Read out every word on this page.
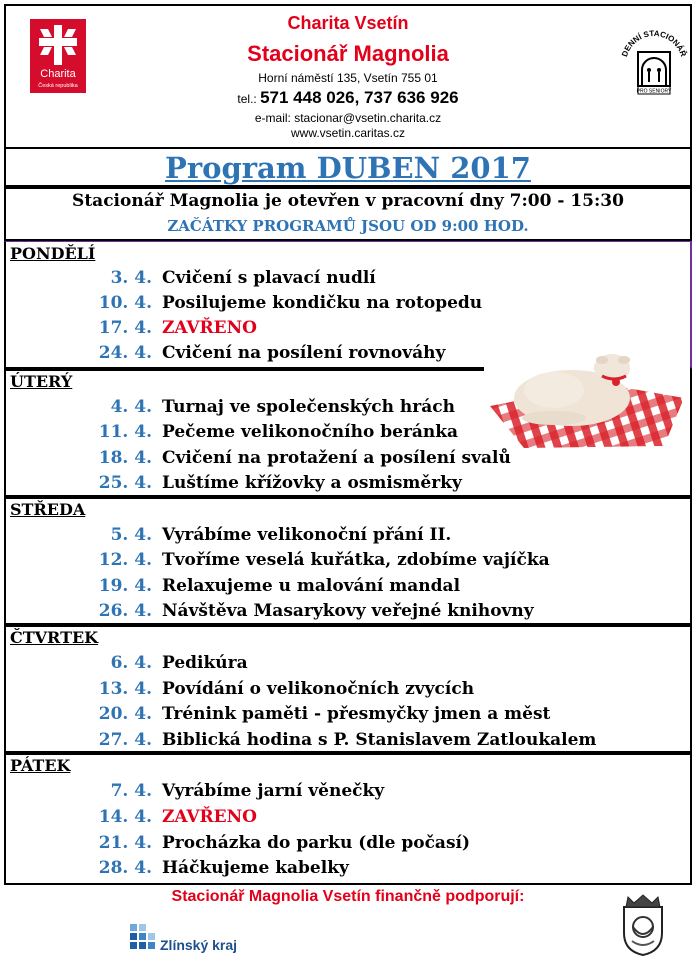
Charita
Česká republika
Charita Vsetín
Stacionář Magnolia
Horní náměstí 135, Vsetín 755 01
tel.: 571 448 026, 737 636 926
e-mail: stacionar@vsetin.charita.cz
www.vsetin.caritas.cz
DENNÍ STACIONÁŘ
PRO SENIORY
Program DUBEN 2017
Stacionář Magnolia je otevřen v pracovní dny 7:00 - 15:30
ZAČÁTKY PROGRAMŮ JSOU OD 9:00 HOD.
PONDĚLÍ
ÚTERÝ
STŘEDA
ČTVRTEK
PÁTEK
3. 4. Cvičení s plavací nudlí
10. 4. Posilujeme kondičku na rotopedu
17. 4. ZAVŘENO
24. 4. Cvičení na posílení rovnováhy
4. 4. Turnaj ve společenských hrách
11. 4. Pečeme velikonočního beránka
18. 4. Cvičení na protažení a posílení svalů
25. 4. Luštíme křížovky a osmisměrky
5. 4. Vyrábíme velikonoční přání II.
12. 4. Tvoříme veselá kuřátka, zdobíme vajíčka
19. 4. Relaxujeme u malování mandal
26. 4. Návštěva Masarykovy veřejné knihovny
6. 4. Pedikúra
13. 4. Povídání o velikonočních zvycích
20. 4. Trénink paměti - přesmyčky jmen a měst
27. 4. Biblická hodina s P. Stanislavem Zatloukalem
7. 4. Vyrábíme jarní věnečky
14. 4. ZAVŘENO
21. 4. Procházka do parku (dle počasí)
28. 4. Háčkujeme kabelky
Stacionář Magnolia Vsetín finančně podporují:
Zlínský kraj
